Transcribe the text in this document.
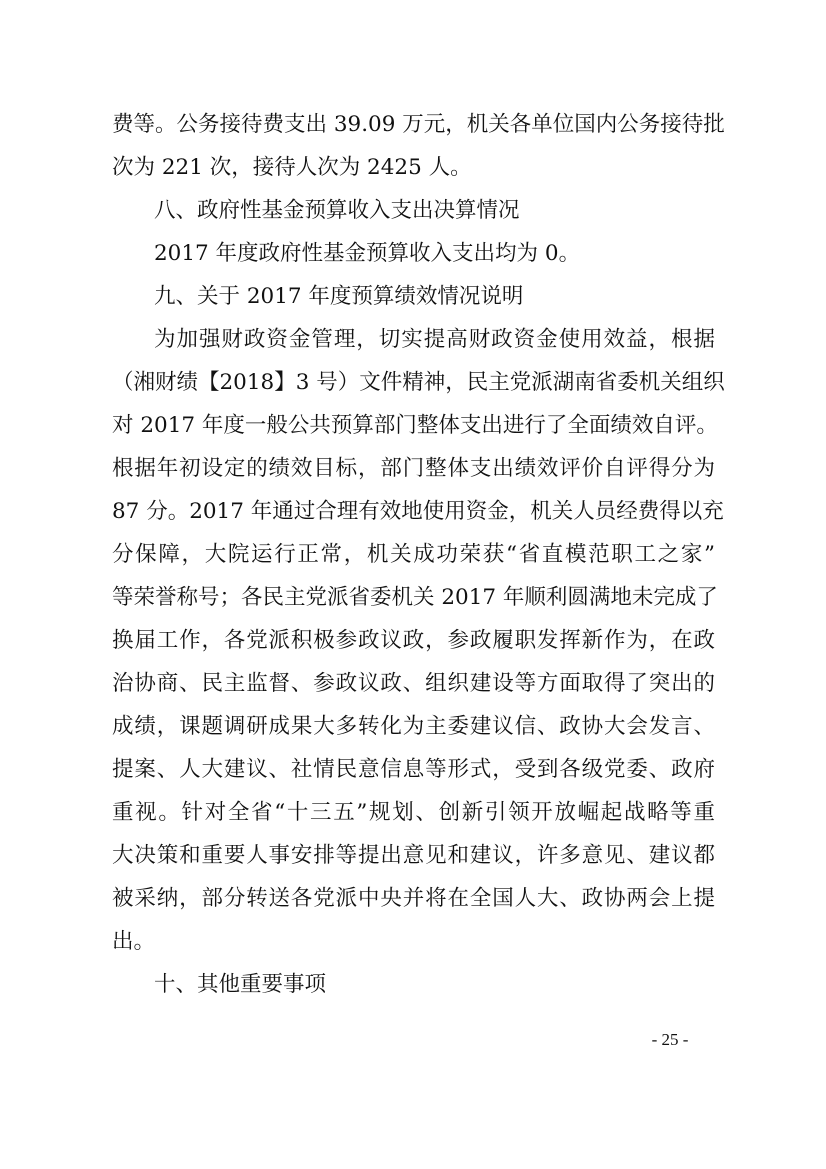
费等。公务接待费支出 39.09 万元，机关各单位国内公务接待批
次为 221 次，接待人次为 2425 人。
八、政府性基金预算收入支出决算情况
2017 年度政府性基金预算收入支出均为 0。
九、关于 2017 年度预算绩效情况说明
为加强财政资金管理，切实提高财政资金使用效益，根据
（湘财绩【2018】3 号）文件精神，民主党派湖南省委机关组织
对 2017 年度一般公共预算部门整体支出进行了全面绩效自评。
根据年初设定的绩效目标，部门整体支出绩效评价自评得分为
87 分。2017 年通过合理有效地使用资金，机关人员经费得以充
分保障，大院运行正常，机关成功荣获“省直模范职工之家”
等荣誉称号；各民主党派省委机关 2017 年顺利圆满地未完成了
换届工作，各党派积极参政议政，参政履职发挥新作为，在政
治协商、民主监督、参政议政、组织建设等方面取得了突出的
成绩，课题调研成果大多转化为主委建议信、政协大会发言、
提案、人大建议、社情民意信息等形式，受到各级党委、政府
重视。针对全省“十三五”规划、创新引领开放崛起战略等重
大决策和重要人事安排等提出意见和建议，许多意见、建议都
被采纳，部分转送各党派中央并将在全国人大、政协两会上提
出。
十、其他重要事项
- 25 -
